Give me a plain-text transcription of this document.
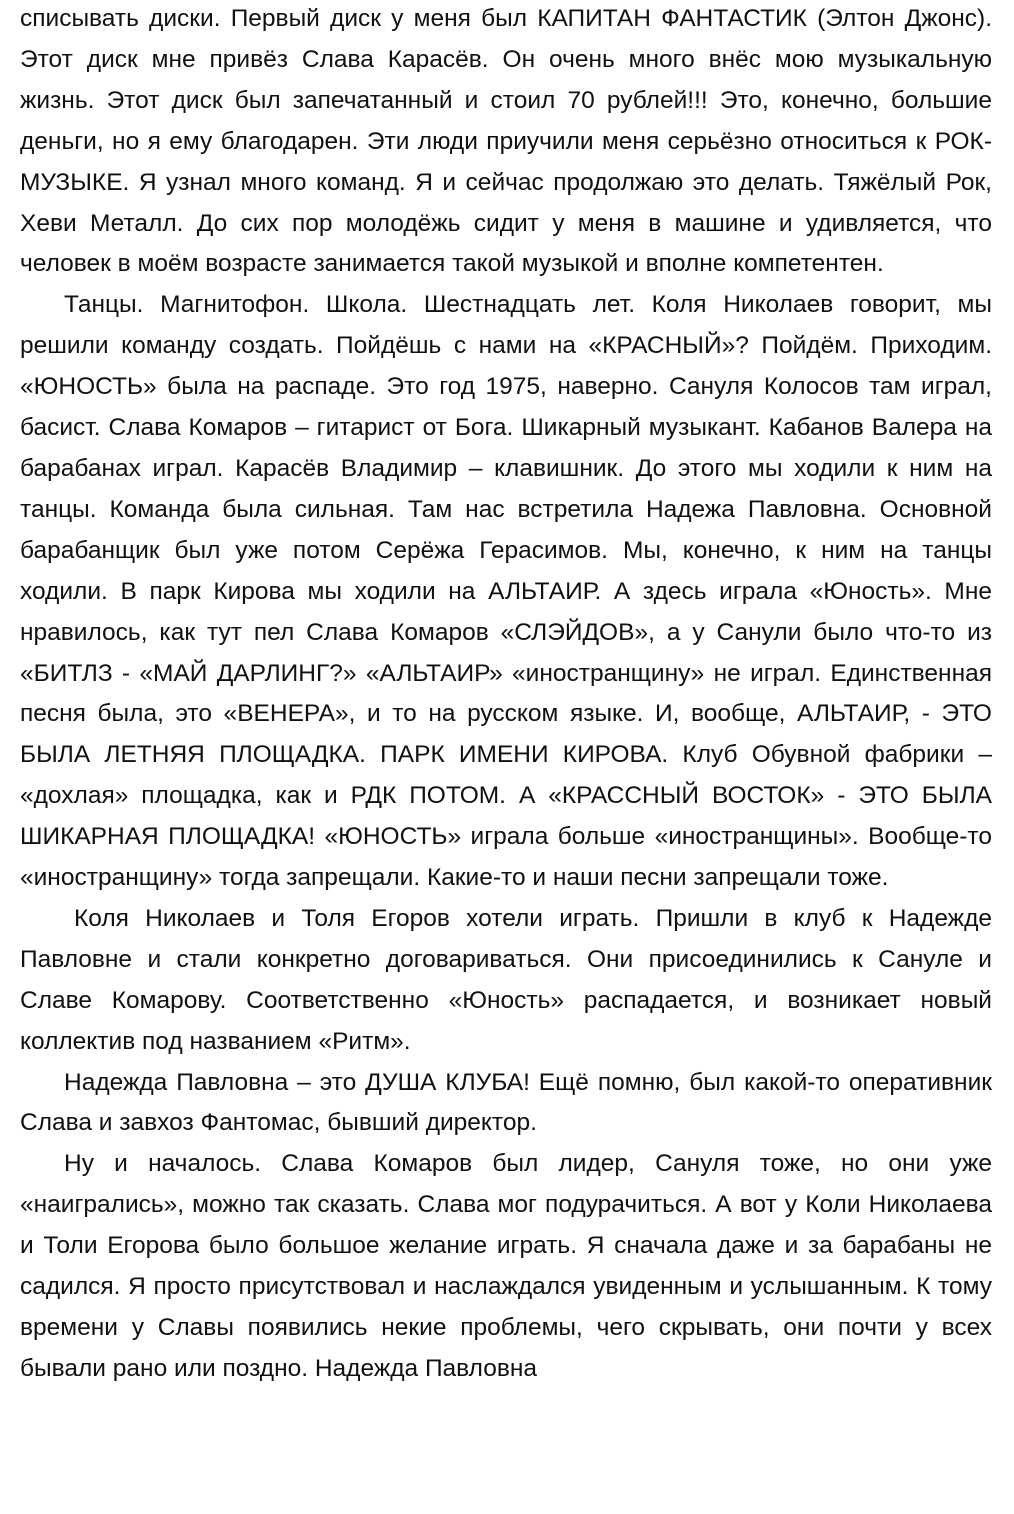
списывать диски. Первый диск у меня был КАПИТАН ФАНТАСТИК (Элтон Джонс). Этот диск мне привёз Слава Карасёв. Он очень много внёс мою музыкальную жизнь. Этот диск был запечатанный и стоил 70 рублей!!! Это, конечно, большие деньги, но я ему благодарен. Эти люди приучили меня серьёзно относиться к РОК-МУЗЫКЕ. Я узнал много команд. Я и сейчас продолжаю это делать. Тяжёлый Рок, Хеви Металл. До сих пор молодёжь сидит у меня в машине и удивляется, что человек в моём возрасте занимается такой музыкой и вполне компетентен.

Танцы. Магнитофон. Школа. Шестнадцать лет. Коля Николаев говорит, мы решили команду создать. Пойдёшь с нами на «КРАСНЫЙ»? Пойдём. Приходим. «ЮНОСТЬ» была на распаде. Это год 1975, наверно. Сануля Колосов там играл, басист. Слава Комаров – гитарист от Бога. Шикарный музыкант. Кабанов Валера на барабанах играл. Карасёв Владимир – клавишник. До этого мы ходили к ним на танцы. Команда была сильная. Там нас встретила Надежа Павловна. Основной барабанщик был уже потом Серёжа Герасимов. Мы, конечно, к ним на танцы ходили. В парк Кирова мы ходили на АЛЬТАИР. А здесь играла «Юность». Мне нравилось, как тут пел Слава Комаров «СЛЭЙДОВ», а у Санули было что-то из «БИТЛЗ - «МАЙ ДАРЛИНГ?» «АЛЬТАИР» «иностранщину» не играл. Единственная песня была, это «ВЕНЕРА», и то на русском языке. И, вообще, АЛЬТАИР, - ЭТО БЫЛА ЛЕТНЯЯ ПЛОЩАДКА. ПАРК ИМЕНИ КИРОВА. Клуб Обувной фабрики – «дохлая» площадка, как и РДК ПОТОМ. А «КРАССНЫЙ ВОСТОК» - ЭТО БЫЛА ШИКАРНАЯ ПЛОЩАДКА! «ЮНОСТЬ» играла больше «иностранщины». Вообще-то «иностранщину» тогда запрещали. Какие-то и наши песни запрещали тоже.

Коля Николаев и Толя Егоров хотели играть. Пришли в клуб к Надежде Павловне и стали конкретно договариваться. Они присоединились к Сануле и Славе Комарову. Соответственно «Юность» распадается, и возникает новый коллектив под названием «Ритм».

Надежда Павловна – это ДУША КЛУБА! Ещё помню, был какой-то оперативник Слава и завхоз Фантомас, бывший директор.

Ну и началось. Слава Комаров был лидер, Сануля тоже, но они уже «наигрались», можно так сказать. Слава мог подурачиться. А вот у Коли Николаева и Толи Егорова было большое желание играть. Я сначала даже и за барабаны не садился. Я просто присутствовал и наслаждался увиденным и услышанным. К тому времени у Славы появились некие проблемы, чего скрывать, они почти у всех бывали рано или поздно. Надежда Павловна
